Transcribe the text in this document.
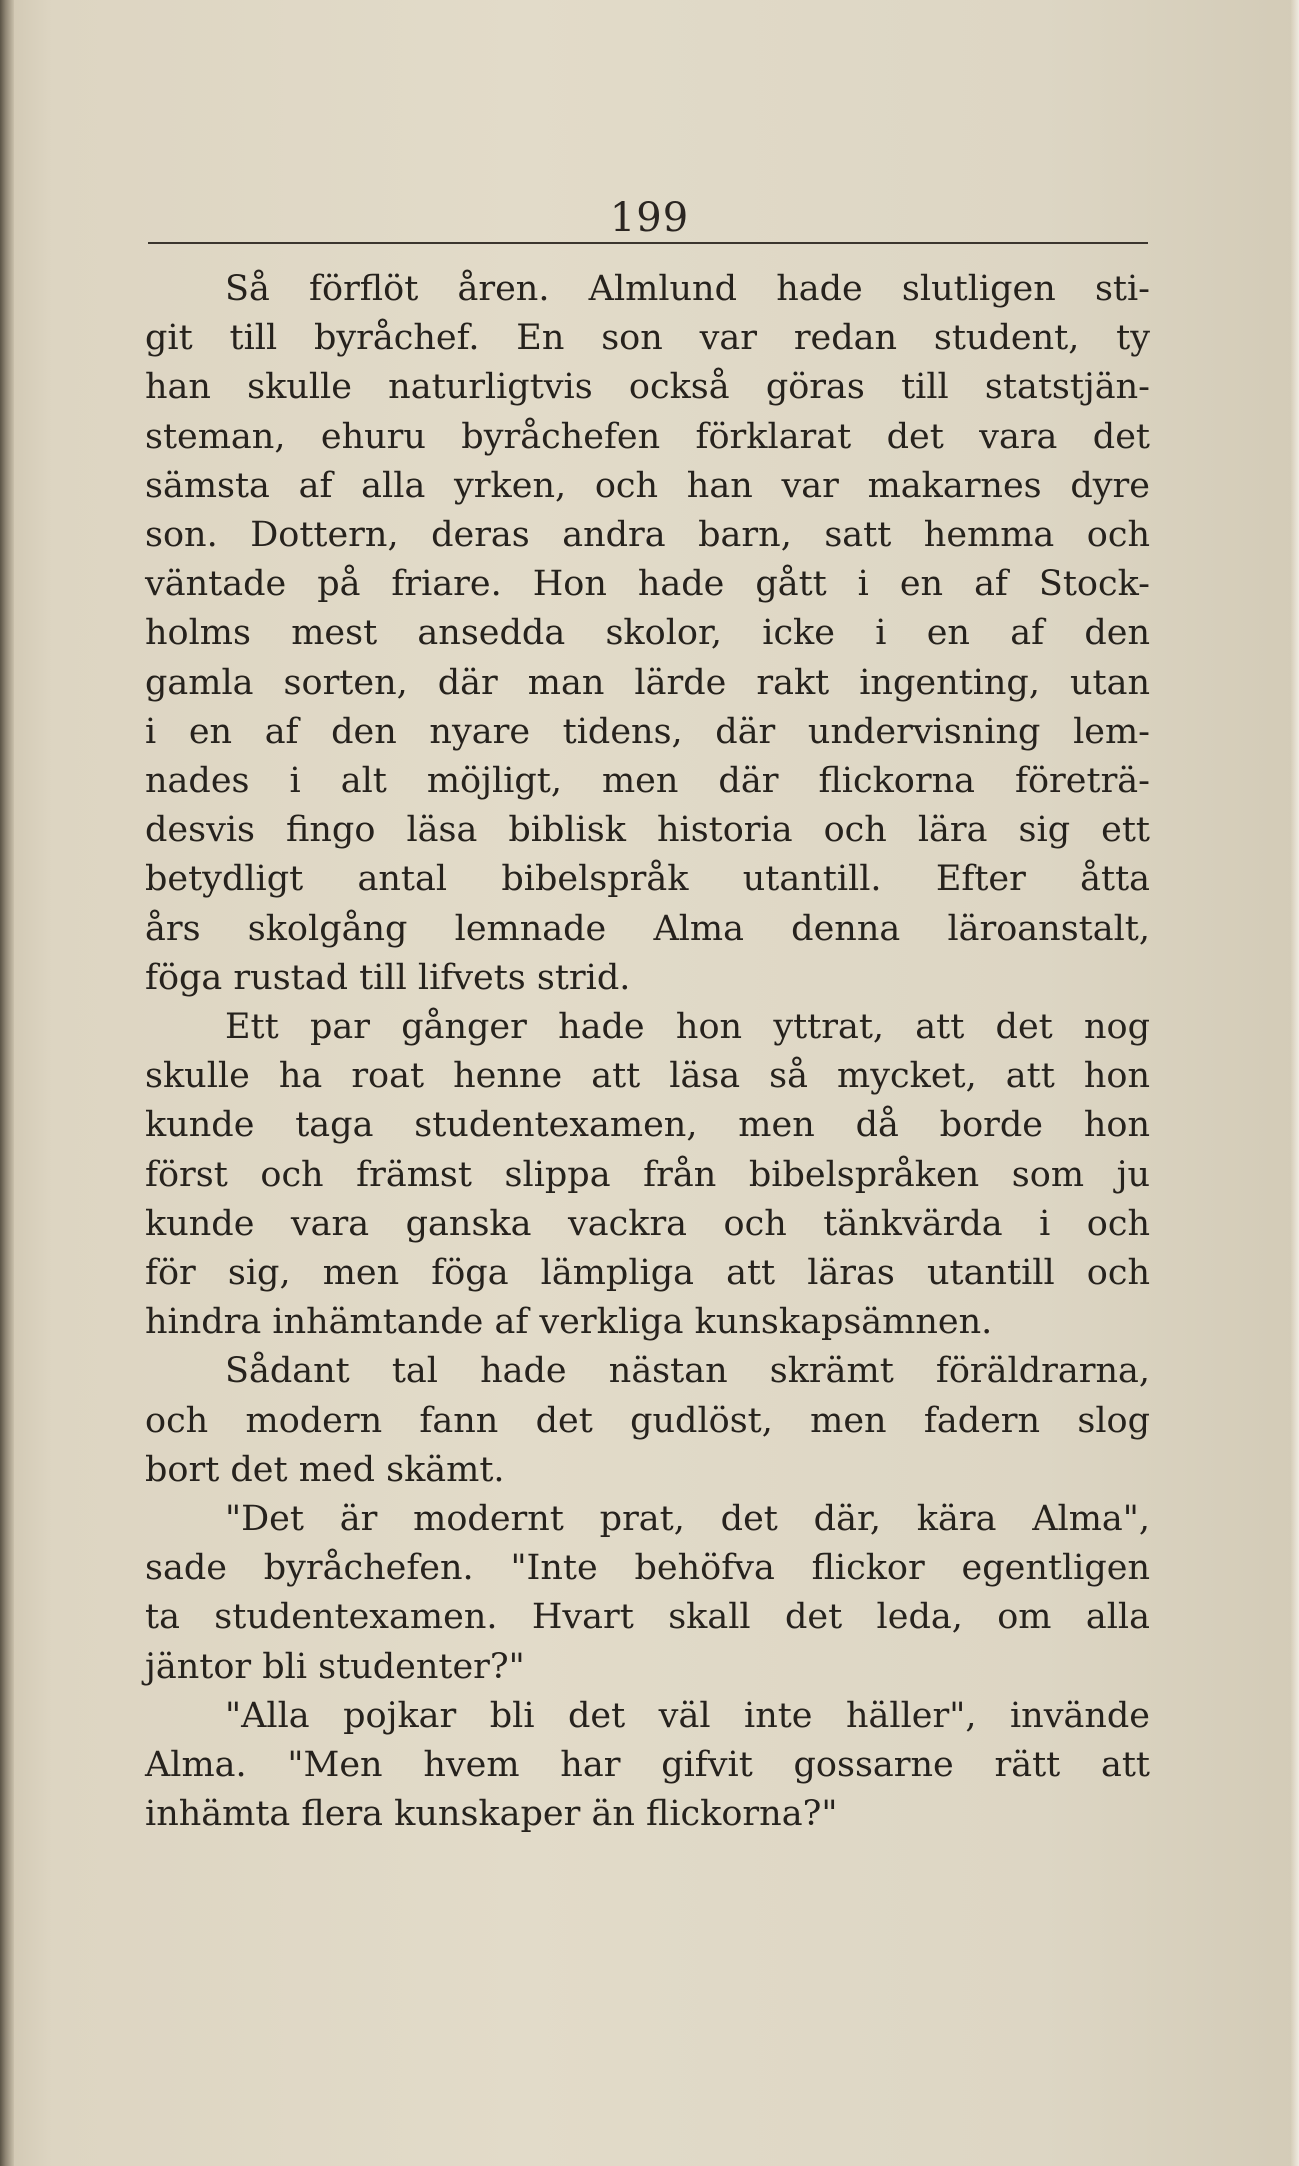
199
Så förflöt åren. Almlund hade slutligen sti-
git till byråchef. En son var redan student, ty
han skulle naturligtvis också göras till statstjän-
steman, ehuru byråchefen förklarat det vara det
sämsta af alla yrken, och han var makarnes dyre
son. Dottern, deras andra barn, satt hemma och
väntade på friare. Hon hade gått i en af Stock-
holms mest ansedda skolor, icke i en af den
gamla sorten, där man lärde rakt ingenting, utan
i en af den nyare tidens, där undervisning lem-
nades i alt möjligt, men där flickorna företrä-
desvis fingo läsa biblisk historia och lära sig ett
betydligt antal bibelspråk utantill. Efter åtta
års skolgång lemnade Alma denna läroanstalt,
föga rustad till lifvets strid.
Ett par gånger hade hon yttrat, att det nog
skulle ha roat henne att läsa så mycket, att hon
kunde taga studentexamen, men då borde hon
först och främst slippa från bibelspråken som ju
kunde vara ganska vackra och tänkvärda i och
för sig, men föga lämpliga att läras utantill och
hindra inhämtande af verkliga kunskapsämnen.
Sådant tal hade nästan skrämt föräldrarna,
och modern fann det gudlöst, men fadern slog
bort det med skämt.
"Det är modernt prat, det där, kära Alma",
sade byråchefen. "Inte behöfva flickor egentligen
ta studentexamen. Hvart skall det leda, om alla
jäntor bli studenter?"
"Alla pojkar bli det väl inte häller", invände
Alma. "Men hvem har gifvit gossarne rätt att
inhämta flera kunskaper än flickorna?"
